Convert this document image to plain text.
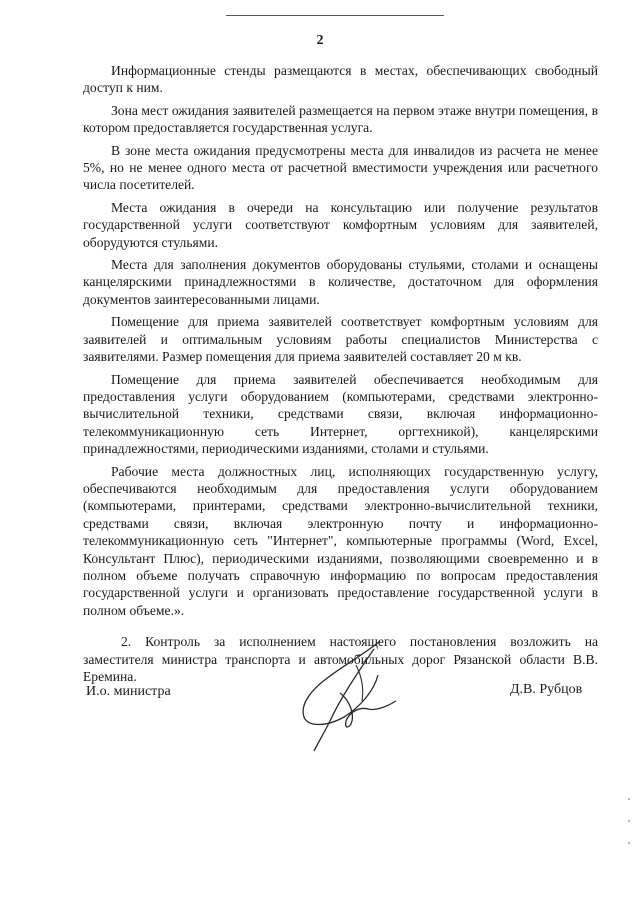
2

Информационные стенды размещаются в местах, обеспечивающих свободный доступ к ним.

Зона мест ожидания заявителей размещается на первом этаже внутри помещения, в котором предоставляется государственная услуга.

В зоне места ожидания предусмотрены места для инвалидов из расчета не менее 5%, но не менее одного места от расчетной вместимости учреждения или расчетного числа посетителей.

Места ожидания в очереди на консультацию или получение результатов государственной услуги соответствуют комфортным условиям для заявителей, оборудуются стульями.

Места для заполнения документов оборудованы стульями, столами и оснащены канцелярскими принадлежностями в количестве, достаточном для оформления документов заинтересованными лицами.

Помещение для приема заявителей соответствует комфортным условиям для заявителей и оптимальным условиям работы специалистов Министерства с заявителями. Размер помещения для приема заявителей составляет 20 м кв.

Помещение для приема заявителей обеспечивается необходимым для предоставления услуги оборудованием (компьютерами, средствами электронно-вычислительной техники, средствами связи, включая информационно-телекоммуникационную сеть Интернет, оргтехникой), канцелярскими принадлежностями, периодическими изданиями, столами и стульями.

Рабочие места должностных лиц, исполняющих государственную услугу, обеспечиваются необходимым для предоставления услуги оборудованием (компьютерами, принтерами, средствами электронно-вычислительной техники, средствами связи, включая электронную почту и информационно-телекоммуникационную сеть "Интернет", компьютерные программы (Word, Excel, Консультант Плюс), периодическими изданиями, позволяющими своевременно и в полном объеме получать справочную информацию по вопросам предоставления государственной услуги и организовать предоставление государственной услуги в полном объеме.».

2. Контроль за исполнением настоящего постановления возложить на заместителя министра транспорта и автомобильных дорог Рязанской области В.В. Еремина.

И.о. министра	Д.В. Рубцов
